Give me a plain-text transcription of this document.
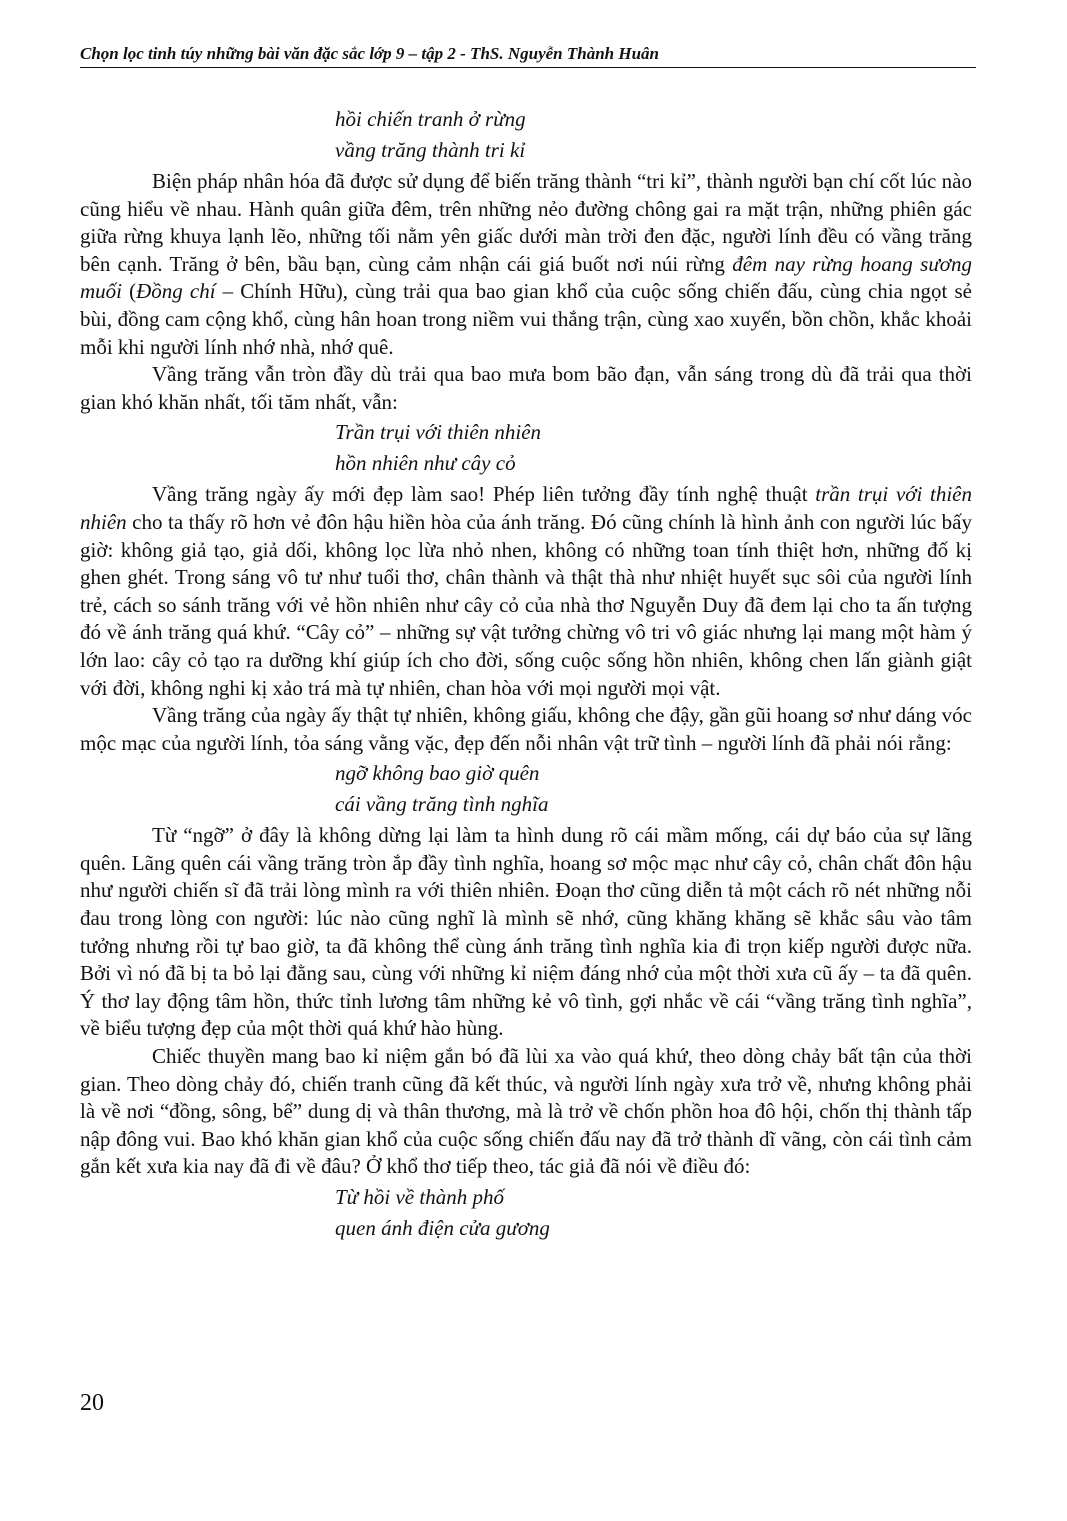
Chọn lọc tinh túy những bài văn đặc sắc lớp 9 – tập 2 - ThS. Nguyễn Thành Huân
hồi chiến tranh ở rừng
vầng trăng thành tri kỉ

Biện pháp nhân hóa đã được sử dụng để biến trăng thành “tri kỉ”, thành người bạn chí cốt lúc nào cũng hiểu về nhau. Hành quân giữa đêm, trên những nẻo đường chông gai ra mặt trận, những phiên gác giữa rừng khuya lạnh lẽo, những tối nằm yên giấc dưới màn trời đen đặc, người lính đều có vầng trăng bên cạnh. Trăng ở bên, bầu bạn, cùng cảm nhận cái giá buốt nơi núi rừng đêm nay rừng hoang sương muối (Đồng chí – Chính Hữu), cùng trải qua bao gian khổ của cuộc sống chiến đấu, cùng chia ngọt sẻ bùi, đồng cam cộng khổ, cùng hân hoan trong niềm vui thắng trận, cùng xao xuyến, bồn chồn, khắc khoải mỗi khi người lính nhớ nhà, nhớ quê.

Vầng trăng vẫn tròn đầy dù trải qua bao mưa bom bão đạn, vẫn sáng trong dù đã trải qua thời gian khó khăn nhất, tối tăm nhất, vẫn:

Trần trụi với thiên nhiên
hồn nhiên như cây cỏ

Vầng trăng ngày ấy mới đẹp làm sao! Phép liên tưởng đầy tính nghệ thuật trần trụi với thiên nhiên cho ta thấy rõ hơn vẻ đôn hậu hiền hòa của ánh trăng. Đó cũng chính là hình ảnh con người lúc bấy giờ: không giả tạo, giả dối, không lọc lừa nhỏ nhen, không có những toan tính thiệt hơn, những đố kị ghen ghét. Trong sáng vô tư như tuổi thơ, chân thành và thật thà như nhiệt huyết sục sôi của người lính trẻ, cách so sánh trăng với vẻ hồn nhiên như cây cỏ của nhà thơ Nguyễn Duy đã đem lại cho ta ấn tượng đó về ánh trăng quá khứ. “Cây cỏ” – những sự vật tưởng chừng vô tri vô giác nhưng lại mang một hàm ý lớn lao: cây cỏ tạo ra dưỡng khí giúp ích cho đời, sống cuộc sống hồn nhiên, không chen lấn giành giật với đời, không nghi kị xảo trá mà tự nhiên, chan hòa với mọi người mọi vật.

Vầng trăng của ngày ấy thật tự nhiên, không giấu, không che đậy, gần gũi hoang sơ như dáng vóc mộc mạc của người lính, tỏa sáng vằng vặc, đẹp đến nỗi nhân vật trữ tình – người lính đã phải nói rằng:

ngỡ không bao giờ quên
cái vầng trăng tình nghĩa

Từ “ngỡ” ở đây là không dừng lại làm ta hình dung rõ cái mầm mống, cái dự báo của sự lãng quên. Lãng quên cái vầng trăng tròn ắp đầy tình nghĩa, hoang sơ mộc mạc như cây cỏ, chân chất đôn hậu như người chiến sĩ đã trải lòng mình ra với thiên nhiên. Đoạn thơ cũng diễn tả một cách rõ nét những nỗi đau trong lòng con người: lúc nào cũng nghĩ là mình sẽ nhớ, cũng khăng khăng sẽ khắc sâu vào tâm tưởng nhưng rồi tự bao giờ, ta đã không thể cùng ánh trăng tình nghĩa kia đi trọn kiếp người được nữa. Bởi vì nó đã bị ta bỏ lại đằng sau, cùng với những kỉ niệm đáng nhớ của một thời xưa cũ ấy – ta đã quên. Ý thơ lay động tâm hồn, thức tỉnh lương tâm những kẻ vô tình, gợi nhắc về cái “vầng trăng tình nghĩa”, về biểu tượng đẹp của một thời quá khứ hào hùng.

Chiếc thuyền mang bao kỉ niệm gắn bó đã lùi xa vào quá khứ, theo dòng chảy bất tận của thời gian. Theo dòng chảy đó, chiến tranh cũng đã kết thúc, và người lính ngày xưa trở về, nhưng không phải là về nơi “đồng, sông, bể” dung dị và thân thương, mà là trở về chốn phồn hoa đô hội, chốn thị thành tấp nập đông vui. Bao khó khăn gian khổ của cuộc sống chiến đấu nay đã trở thành dĩ vãng, còn cái tình cảm gắn kết xưa kia nay đã đi về đâu? Ở khổ thơ tiếp theo, tác giả đã nói về điều đó:

Từ hồi về thành phố
quen ánh điện cửa gương
20
